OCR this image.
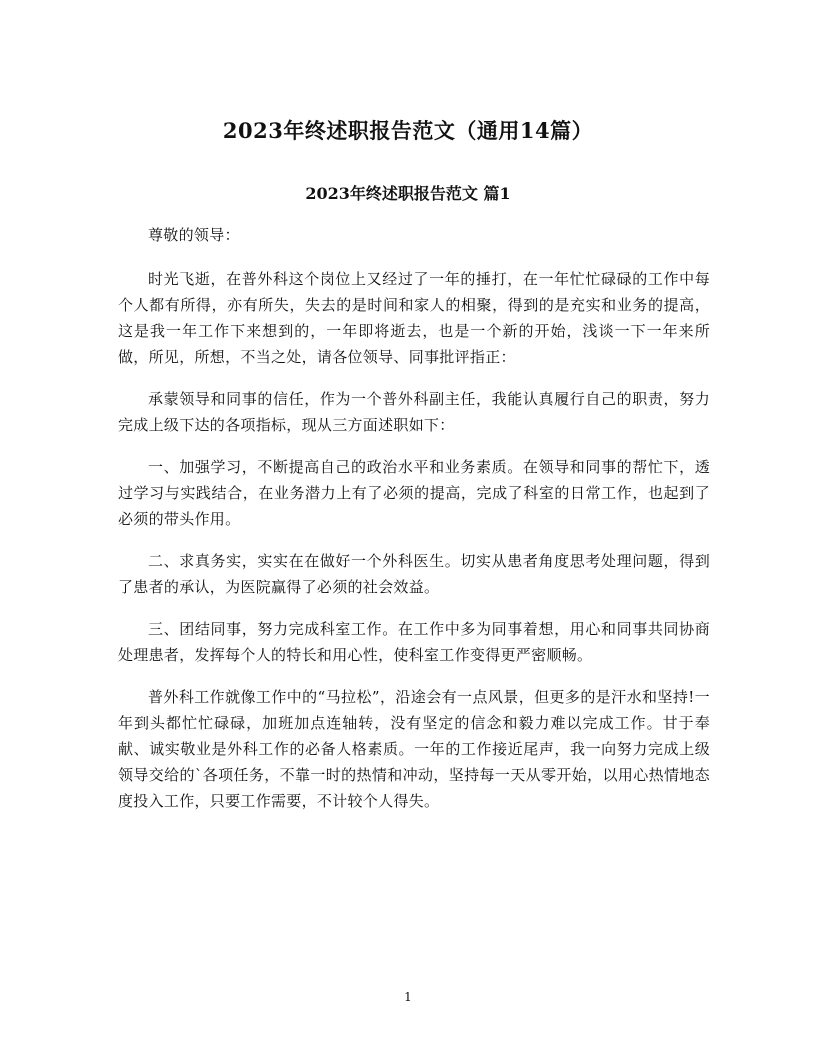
2023年终述职报告范文（通用14篇）
2023年终述职报告范文 篇1

尊敬的领导：

时光飞逝，在普外科这个岗位上又经过了一年的捶打，在一年忙忙碌碌的工作中每个人都有所得，亦有所失，失去的是时间和家人的相聚，得到的是充实和业务的提高，这是我一年工作下来想到的，一年即将逝去，也是一个新的开始，浅谈一下一年来所做，所见，所想，不当之处，请各位领导、同事批评指正：

承蒙领导和同事的信任，作为一个普外科副主任，我能认真履行自己的职责，努力完成上级下达的各项指标，现从三方面述职如下：

一、加强学习，不断提高自己的政治水平和业务素质。在领导和同事的帮忙下，透过学习与实践结合，在业务潜力上有了必须的提高，完成了科室的日常工作，也起到了必须的带头作用。

二、求真务实，实实在在做好一个外科医生。切实从患者角度思考处理问题，得到了患者的承认，为医院赢得了必须的社会效益。

三、团结同事，努力完成科室工作。在工作中多为同事着想，用心和同事共同协商处理患者，发挥每个人的特长和用心性，使科室工作变得更严密顺畅。

普外科工作就像工作中的“马拉松”，沿途会有一点风景，但更多的是汗水和坚持!一年到头都忙忙碌碌，加班加点连轴转，没有坚定的信念和毅力难以完成工作。甘于奉献、诚实敬业是外科工作的必备人格素质。一年的工作接近尾声，我一向努力完成上级领导交给的`各项任务，不靠一时的热情和冲动，坚持每一天从零开始，以用心热情地态度投入工作，只要工作需要，不计较个人得失。

1
